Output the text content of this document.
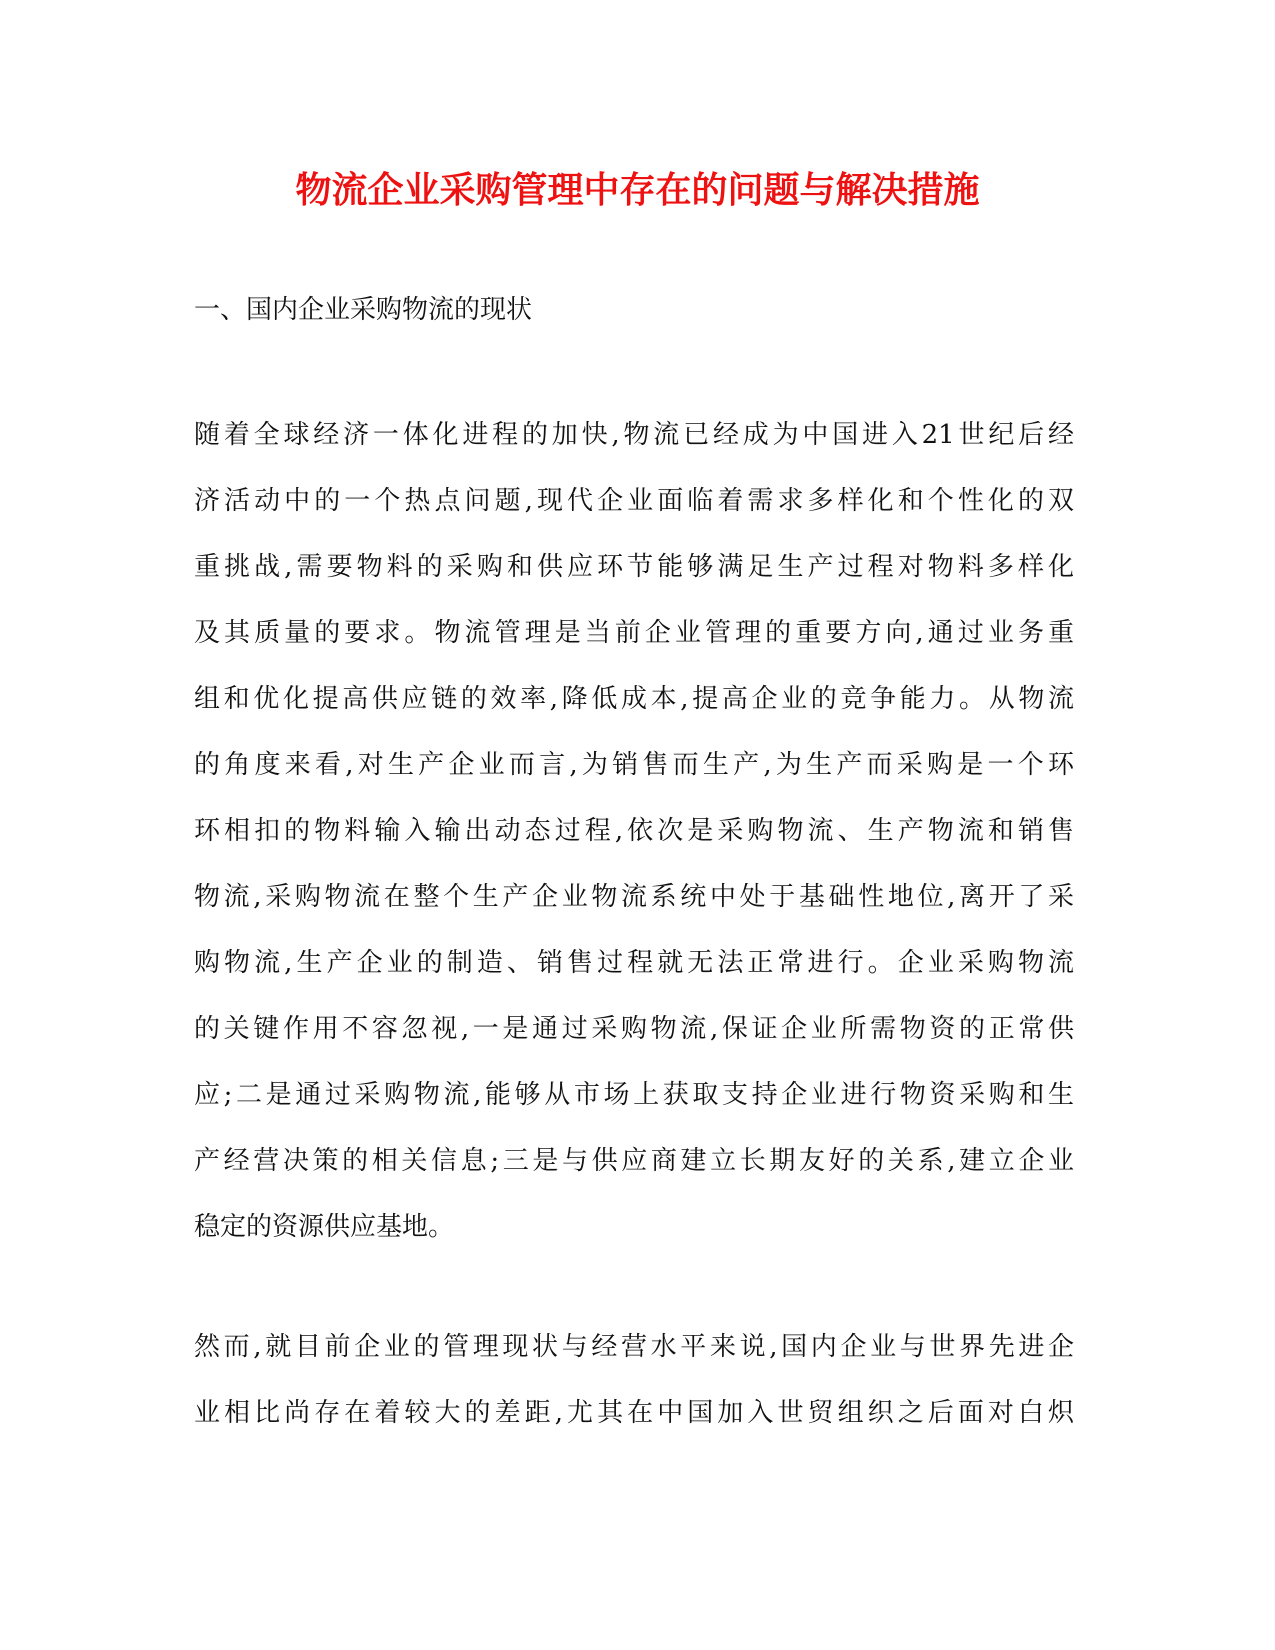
物流企业采购管理中存在的问题与解决措施
一、国内企业采购物流的现状
随着全球经济一体化进程的加快,物流已经成为中国进入21世纪后经
济活动中的一个热点问题,现代企业面临着需求多样化和个性化的双
重挑战,需要物料的采购和供应环节能够满足生产过程对物料多样化
及其质量的要求。物流管理是当前企业管理的重要方向,通过业务重
组和优化提高供应链的效率,降低成本,提高企业的竞争能力。从物流
的角度来看,对生产企业而言,为销售而生产,为生产而采购是一个环
环相扣的物料输入输出动态过程,依次是采购物流、生产物流和销售
物流,采购物流在整个生产企业物流系统中处于基础性地位,离开了采
购物流,生产企业的制造、销售过程就无法正常进行。企业采购物流
的关键作用不容忽视,一是通过采购物流,保证企业所需物资的正常供
应;二是通过采购物流,能够从市场上获取支持企业进行物资采购和生
产经营决策的相关信息;三是与供应商建立长期友好的关系,建立企业
稳定的资源供应基地。
然而,就目前企业的管理现状与经营水平来说,国内企业与世界先进企
业相比尚存在着较大的差距,尤其在中国加入世贸组织之后面对白炽
